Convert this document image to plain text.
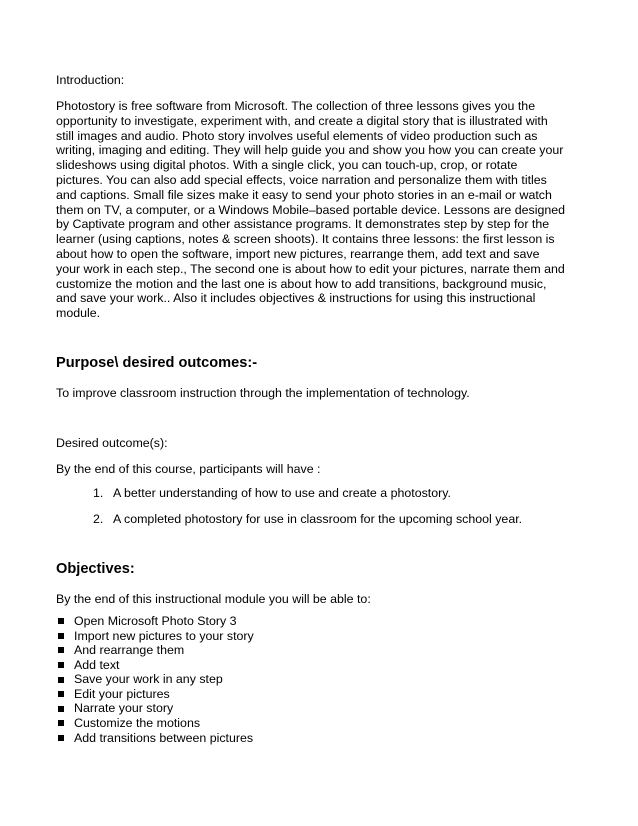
Introduction:

Photostory is free software from Microsoft. The collection of three lessons gives you the opportunity to investigate, experiment with, and create a digital story that is illustrated with still images and audio. Photo story involves useful elements of video production such as writing, imaging and editing. They will help guide you and show you how you can create your slideshows using digital photos. With a single click, you can touch-up, crop, or rotate pictures. You can also add special effects, voice narration and personalize them with titles and captions. Small file sizes make it easy to send your photo stories in an e-mail or watch them on TV, a computer, or a Windows Mobile–based portable device. Lessons are designed by Captivate program and other assistance programs. It demonstrates step by step for the learner (using captions, notes & screen shoots). It contains three lessons: the first lesson is about how to open the software, import new pictures, rearrange them, add text and save your work in each step., The second one is about how to edit your pictures, narrate them and customize the motion and the last one is about how to add transitions, background music, and save your work.. Also it includes objectives & instructions for using this instructional module.

Purpose\ desired outcomes:-

To improve classroom instruction through the implementation of technology.

Desired outcome(s):

By the end of this course, participants will have :

1. A better understanding of how to use and create a photostory.
2. A completed photostory for use in classroom for the upcoming school year.
Objectives:

By the end of this instructional module you will be able to:

Open Microsoft Photo Story 3
Import new pictures to your story
And rearrange them
Add text
Save your work in any step
Edit your pictures
Narrate your story
Customize the motions
Add transitions between pictures
